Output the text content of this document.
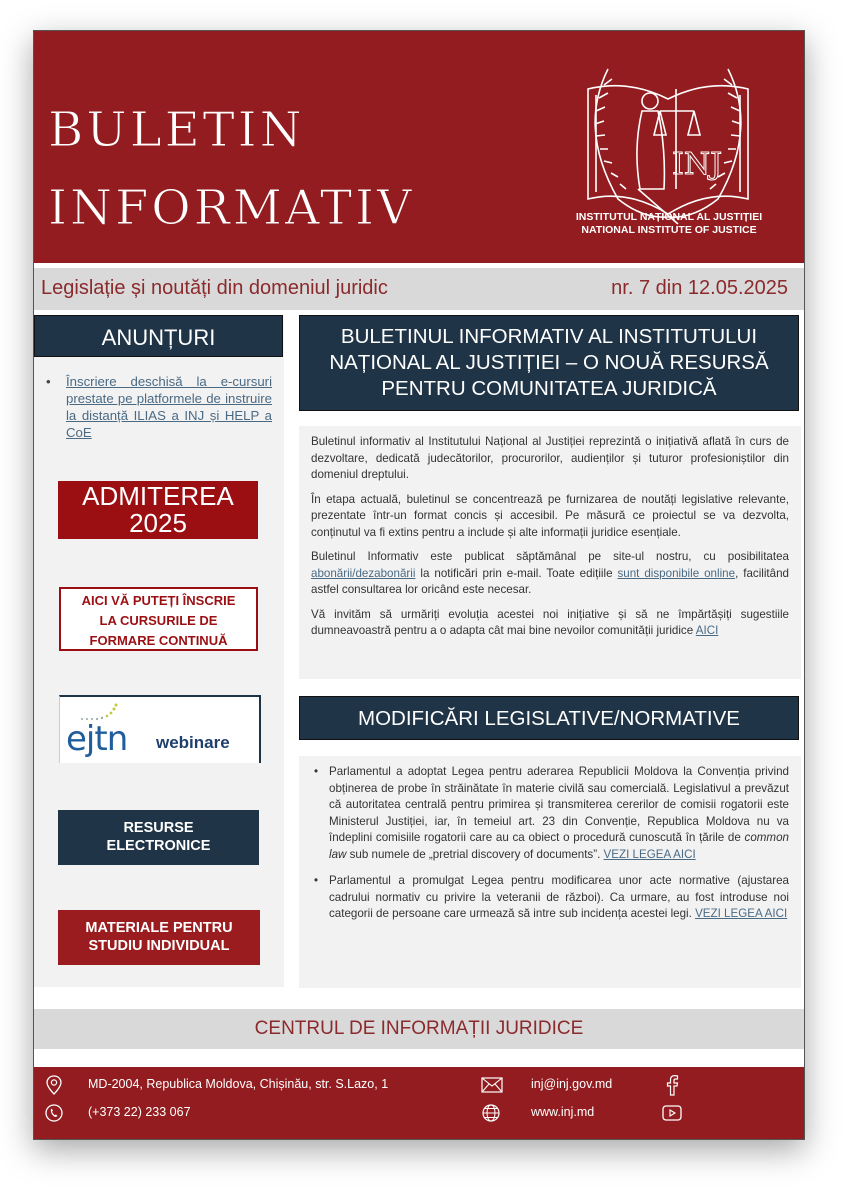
BULETIN
INFORMATIV
INJ
INSTITUTUL NAȚIONAL AL JUSTIȚIEI
NATIONAL INSTITUTE OF JUSTICE
Legislație și noutăți din domeniul juridic	nr. 7 din 12.05.2025
ANUNȚURI
• Înscriere deschisă la e-cursuri prestate pe platformele de instruire la distanță ILIAS a INJ și HELP a CoE
ADMITEREA
2025
AICI VĂ PUTEȚI ÎNSCRIE
LA CURSURILE DE
FORMARE CONTINUĂ
ejtn webinare
RESURSE
ELECTRONICE
MATERIALE PENTRU
STUDIU INDIVIDUAL
BULETINUL INFORMATIV AL INSTITUTULUI
NAȚIONAL AL JUSTIȚIEI – O NOUĂ RESURSĂ
PENTRU COMUNITATEA JURIDICĂ

Buletinul informativ al Institutului Național al Justiției reprezintă o inițiativă aflată în curs de dezvoltare, dedicată judecătorilor, procurorilor, audienților și tuturor profesioniștilor din domeniul dreptului.

În etapa actuală, buletinul se concentrează pe furnizarea de noutăți legislative relevante, prezentate într-un format concis și accesibil. Pe măsură ce proiectul se va dezvolta, conținutul va fi extins pentru a include și alte informații juridice esențiale.

Buletinul Informativ este publicat săptămânal pe site-ul nostru, cu posibilitatea abonării/dezabonării la notificări prin e-mail. Toate edițiile sunt disponibile online, facilitând astfel consultarea lor oricând este necesar.

Vă invităm să urmăriți evoluția acestei noi inițiative și să ne împărtășiți sugestiile dumneavoastră pentru a o adapta cât mai bine nevoilor comunității juridice AICI

MODIFICĂRI LEGISLATIVE/NORMATIVE
• Parlamentul a adoptat Legea pentru aderarea Republicii Moldova la Convenția privind obținerea de probe în străinătate în materie civilă sau comercială. Legislativul a prevăzut că autoritatea centrală pentru primirea și transmiterea cererilor de comisii rogatorii este Ministerul Justiției, iar, în temeiul art. 23 din Convenție, Republica Moldova nu va îndeplini comisiile rogatorii care au ca obiect o procedură cunoscută în țările de common law sub numele de „pretrial discovery of documents”. VEZI LEGEA AICI
• Parlamentul a promulgat Legea pentru modificarea unor acte normative (ajustarea cadrului normativ cu privire la veteranii de război). Ca urmare, au fost introduse noi categorii de persoane care urmează să intre sub incidența acestei legi. VEZI LEGEA AICI
CENTRUL DE INFORMAȚII JURIDICE
MD-2004, Republica Moldova, Chișinău, str. S.Lazo, 1
(+373 22) 233 067
inj@inj.gov.md
www.inj.md
